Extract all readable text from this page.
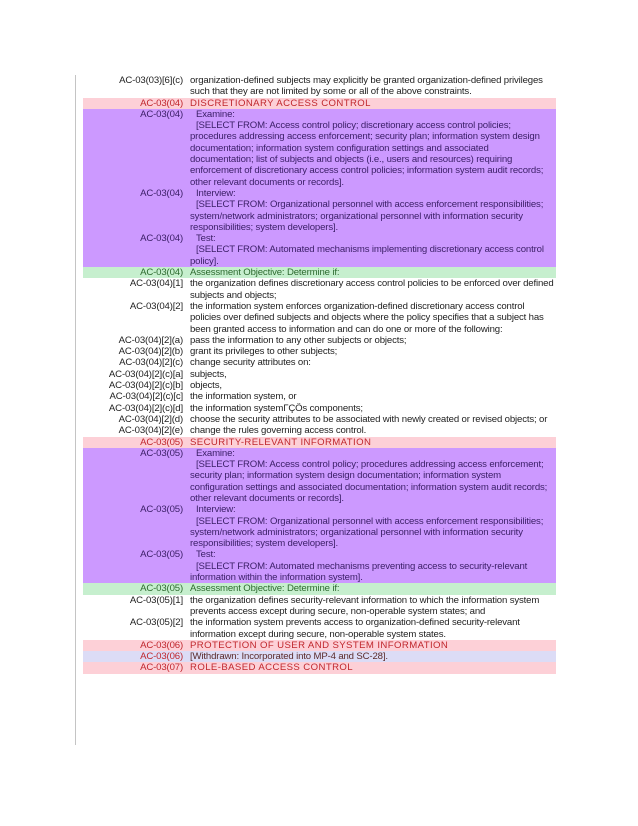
AC-03(03)[6](c)	organization-defined subjects may explicitly be granted organization-defined privileges such that they are not limited by some or all of the above constraints.
AC-03(04)	DISCRETIONARY ACCESS CONTROL
AC-03(04)	Examine:
[SELECT FROM: Access control policy; discretionary access control policies; procedures addressing access enforcement; security plan; information system design documentation; information system configuration settings and associated documentation; list of subjects and objects (i.e., users and resources) requiring enforcement of discretionary access control policies; information system audit records; other relevant documents or records].

AC-03(04)	Interview:
[SELECT FROM: Organizational personnel with access enforcement responsibilities; system/network administrators; organizational personnel with information security responsibilities; system developers].

AC-03(04)	Test:
[SELECT FROM: Automated mechanisms implementing discretionary access control policy].

AC-03(04)	Assessment Objective: Determine if:
AC-03(04)[1]	the organization defines discretionary access control policies to be enforced over defined subjects and objects;
AC-03(04)[2]	the information system enforces organization-defined discretionary access control policies over defined subjects and objects where the policy specifies that a subject has been granted access to information and can do one or more of the following:
AC-03(04)[2](a)	pass the information to any other subjects or objects;
AC-03(04)[2](b)	grant its privileges to other subjects;
AC-03(04)[2](c)	change security attributes on:
AC-03(04)[2](c)[a]	subjects,
AC-03(04)[2](c)[b]	objects,
AC-03(04)[2](c)[c]	the information system, or
AC-03(04)[2](c)[d]	the information systemΓÇÖs components;
AC-03(04)[2](d)	choose the security attributes to be associated with newly created or revised objects; or
AC-03(04)[2](e)	change the rules governing access control.
AC-03(05)	SECURITY-RELEVANT INFORMATION
AC-03(05)	Examine:
[SELECT FROM: Access control policy; procedures addressing access enforcement; security plan; information system design documentation; information system configuration settings and associated documentation; information system audit records; other relevant documents or records].

AC-03(05)	Interview:
[SELECT FROM: Organizational personnel with access enforcement responsibilities; system/network administrators; organizational personnel with information security responsibilities; system developers].

AC-03(05)	Test:
[SELECT FROM: Automated mechanisms preventing access to security-relevant information within the information system].

AC-03(05)	Assessment Objective: Determine if:
AC-03(05)[1]	the organization defines security-relevant information to which the information system prevents access except during secure, non-operable system states; and
AC-03(05)[2]	the information system prevents access to organization-defined security-relevant information except during secure, non-operable system states.
AC-03(06)	PROTECTION OF USER AND SYSTEM INFORMATION
AC-03(06)	[Withdrawn: Incorporated into MP-4 and SC-28].
AC-03(07)	ROLE-BASED ACCESS CONTROL
